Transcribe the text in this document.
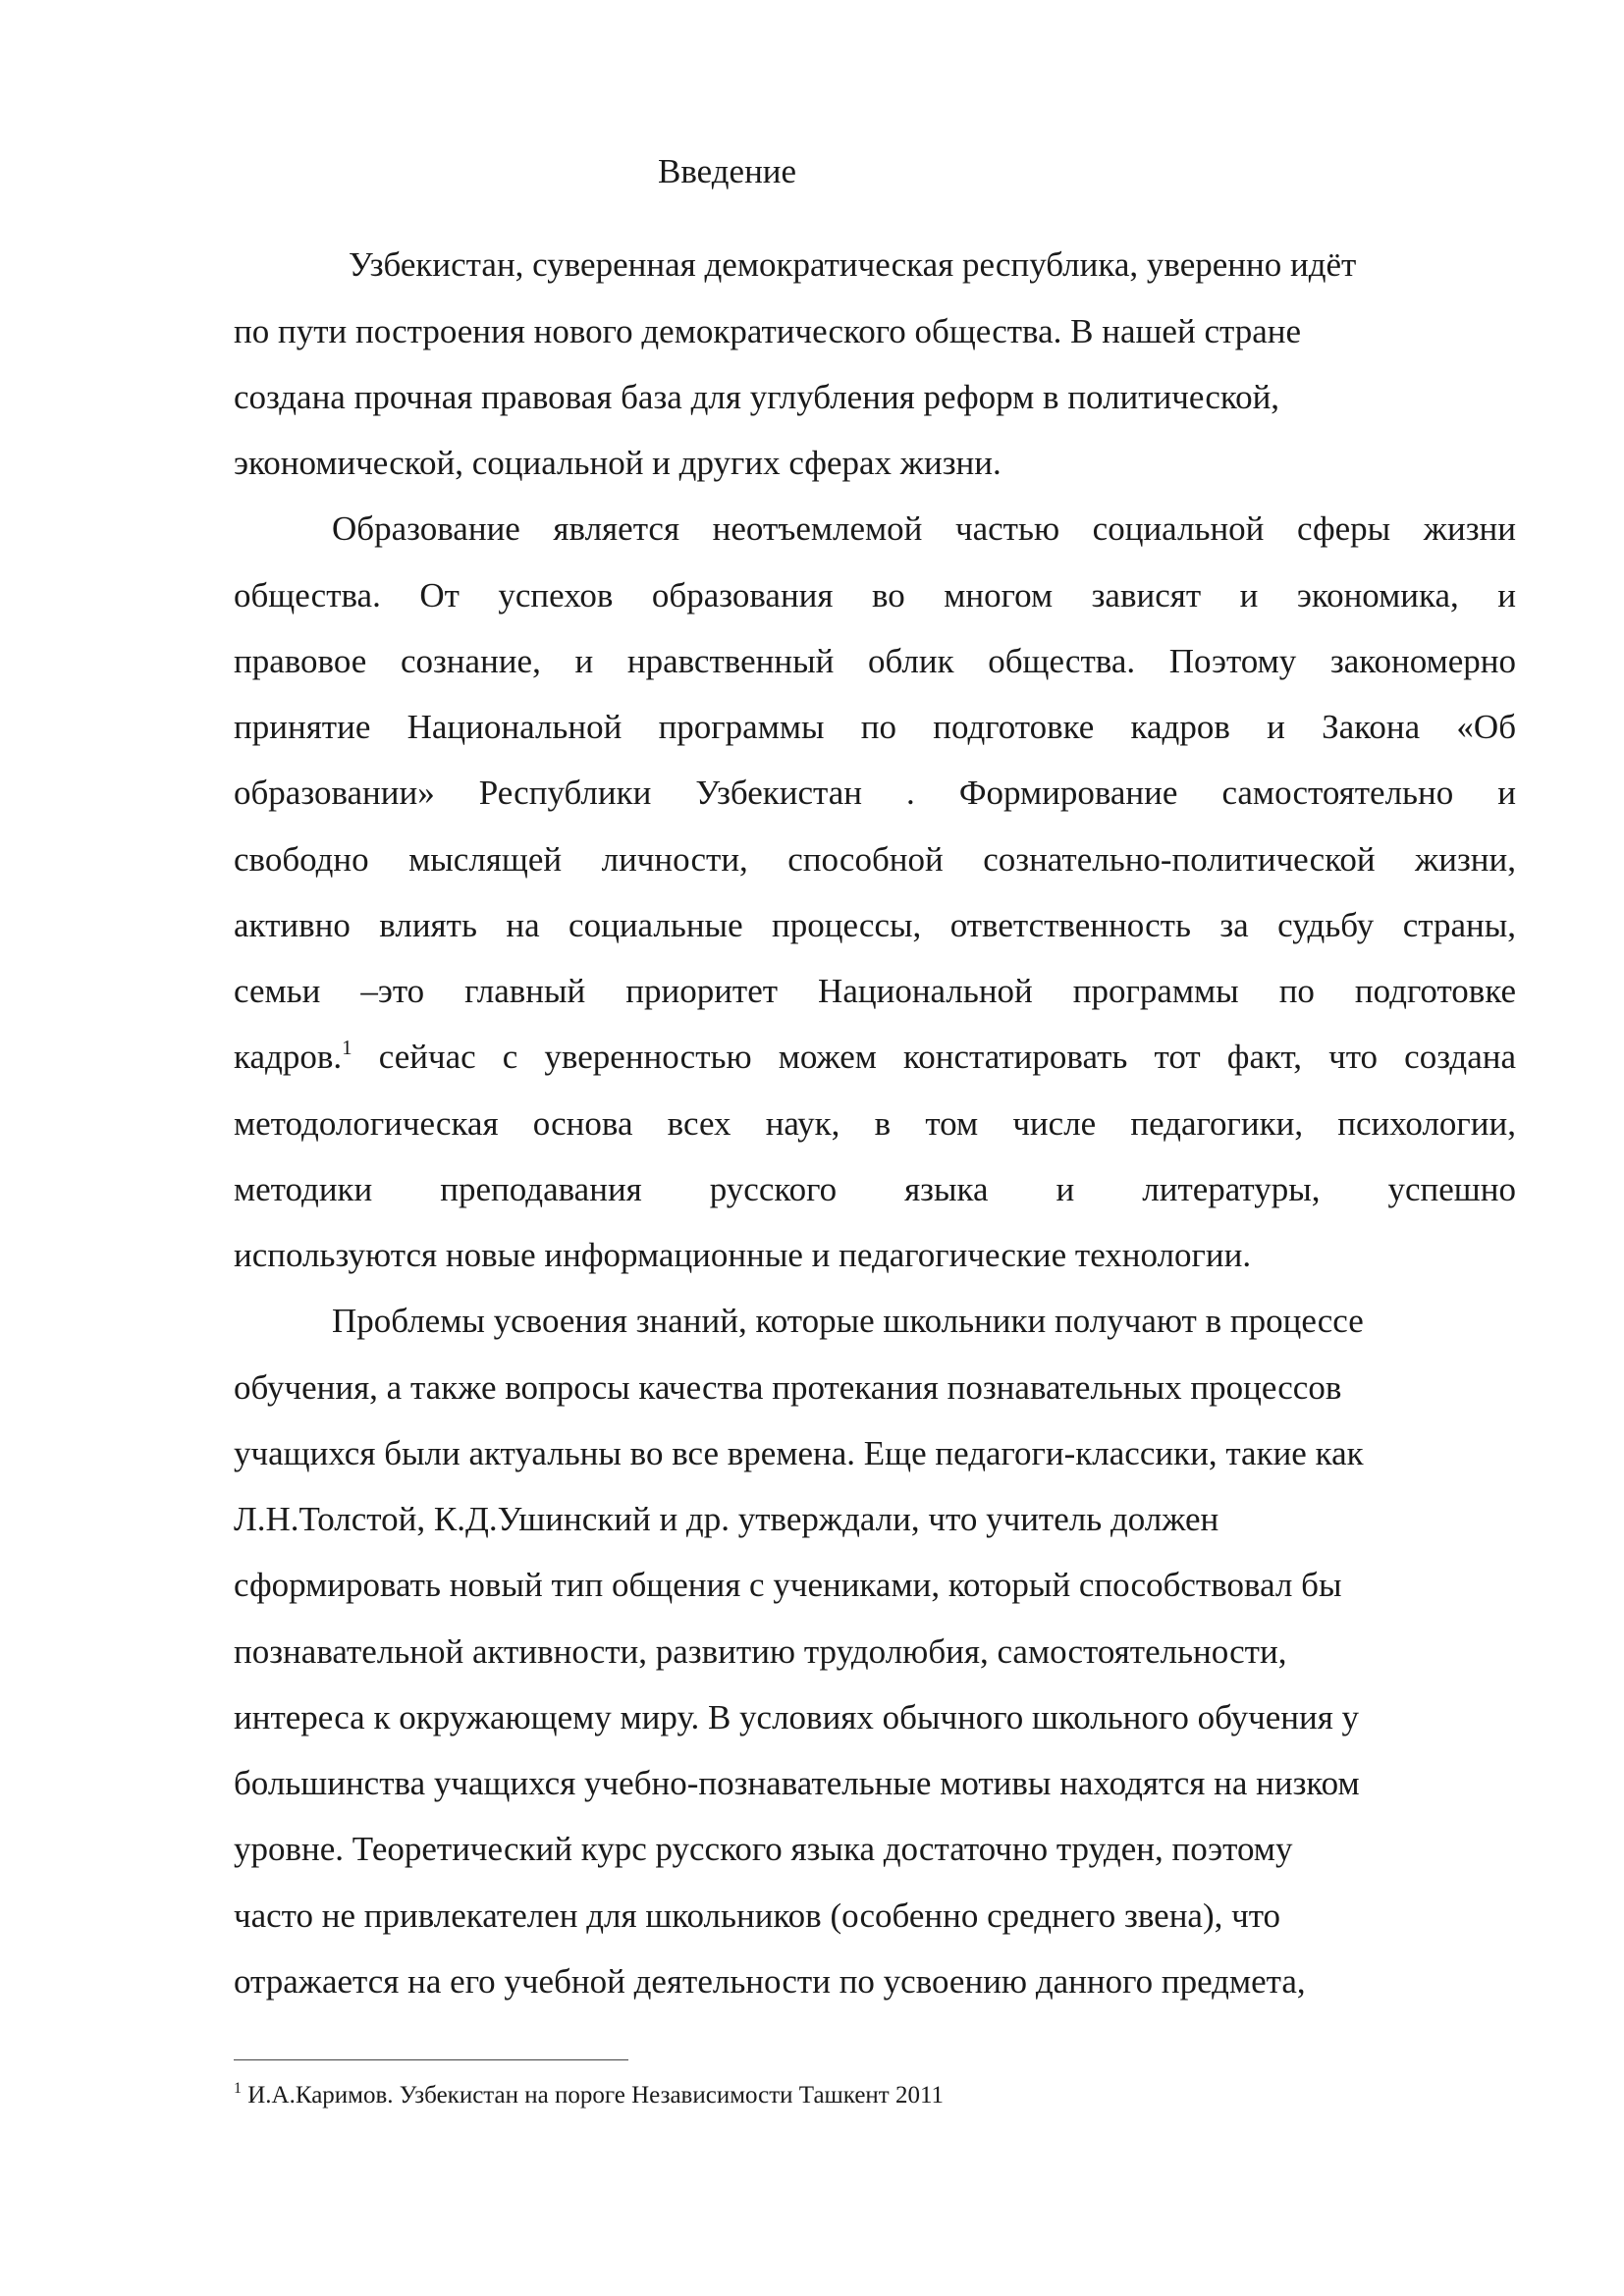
Введение
Узбекистан, суверенная демократическая республика, уверенно идёт
по пути построения нового демократического общества. В нашей стране
создана прочная правовая база для углубления реформ в политической,
экономической, социальной и других сферах жизни.
Образование является неотъемлемой частью социальной сферы жизни
общества. От успехов образования во многом зависят и экономика, и
правовое сознание, и нравственный облик общества. Поэтому закономерно
принятие Национальной программы по подготовке кадров и Закона «Об
образовании» Республики Узбекистан . Формирование самостоятельно и
свободно мыслящей личности, способной сознательно-политической жизни,
активно влиять на социальные процессы, ответственность за судьбу страны,
семьи –это главный приоритет Национальной программы по подготовке
кадров.$^1$ сейчас с уверенностью можем констатировать тот факт, что создана
методологическая основа всех наук, в том числе педагогики, психологии,
методики преподавания русского языка и литературы, успешно
используются новые информационные и педагогические технологии.
Проблемы усвоения знаний, которые школьники получают в процессе
обучения, а также вопросы качества протекания познавательных процессов
учащихся были актуальны во все времена. Еще педагоги-классики, такие как
Л.Н.Толстой, К.Д.Ушинский и др. утверждали, что учитель должен
сформировать новый тип общения с учениками, который способствовал бы
познавательной активности, развитию трудолюбия, самостоятельности,
интереса к окружающему миру. В условиях обычного школьного обучения у
большинства учащихся учебно-познавательные мотивы находятся на низком
уровне. Теоретический курс русского языка достаточно труден, поэтому
часто не привлекателен для школьников (особенно среднего звена), что
отражается на его учебной деятельности по усвоению данного предмета,
$^1$ И.А.Каримов. Узбекистан на пороге Независимости Ташкент 2011
